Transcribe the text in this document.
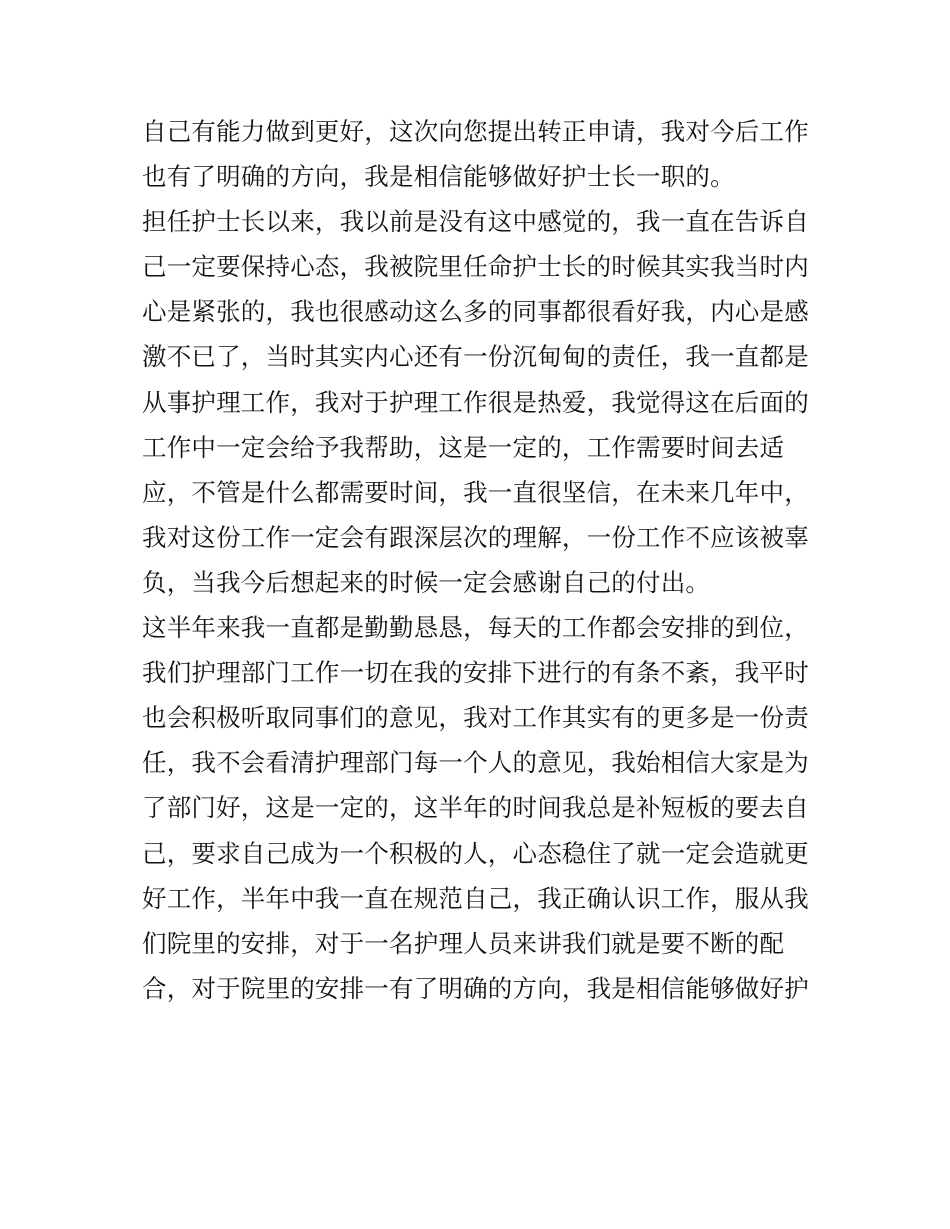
自己有能力做到更好，这次向您提出转正申请，我对今后工作
也有了明确的方向，我是相信能够做好护士长一职的。
担任护士长以来，我以前是没有这中感觉的，我一直在告诉自
己一定要保持心态，我被院里任命护士长的时候其实我当时内
心是紧张的，我也很感动这么多的同事都很看好我，内心是感
激不已了，当时其实内心还有一份沉甸甸的责任，我一直都是
从事护理工作，我对于护理工作很是热爱，我觉得这在后面的
工作中一定会给予我帮助，这是一定的，工作需要时间去适
应，不管是什么都需要时间，我一直很坚信，在未来几年中，
我对这份工作一定会有跟深层次的理解，一份工作不应该被辜
负，当我今后想起来的时候一定会感谢自己的付出。
这半年来我一直都是勤勤恳恳，每天的工作都会安排的到位，
我们护理部门工作一切在我的安排下进行的有条不紊，我平时
也会积极听取同事们的意见，我对工作其实有的更多是一份责
任，我不会看清护理部门每一个人的意见，我始相信大家是为
了部门好，这是一定的，这半年的时间我总是补短板的要去自
己，要求自己成为一个积极的人，心态稳住了就一定会造就更
好工作，半年中我一直在规范自己，我正确认识工作，服从我
们院里的安排，对于一名护理人员来讲我们就是要不断的配
合，对于院里的安排一有了明确的方向，我是相信能够做好护
